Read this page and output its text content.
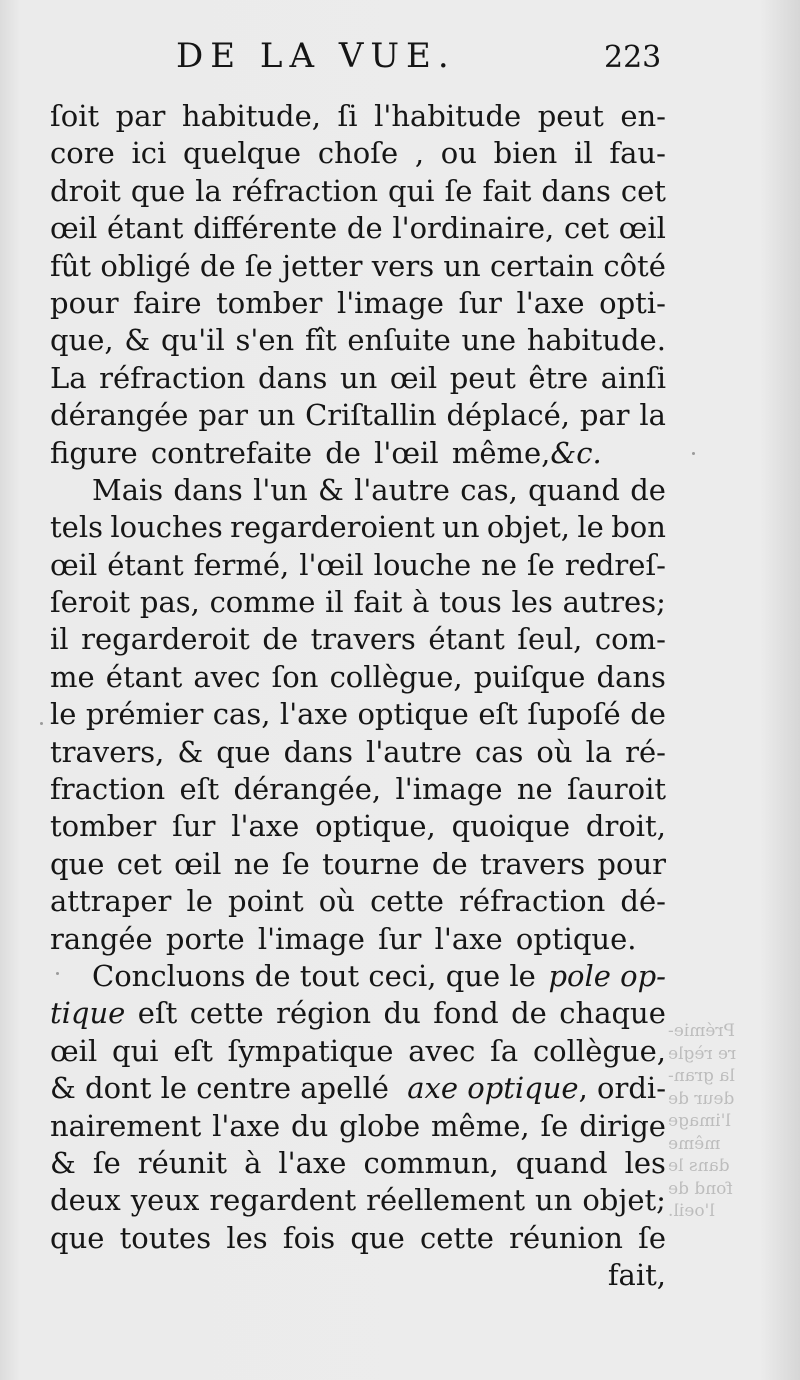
DE LA VUE.	223
ſoit par habitude, ſi l'habitude peut en-
core ici quelque choſe , ou bien il fau-
droit que la réfraction qui ſe fait dans cet
œil étant différente de l'ordinaire, cet œil
fût obligé de ſe jetter vers un certain côté
pour faire tomber l'image ſur l'axe opti-
que, & qu'il s'en fît enſuite une habitude.
La réfraction dans un œil peut être ainſi
dérangée par un Criſtallin déplacé, par la
figure contrefaite de l'œil même, &c.
Mais dans l'un & l'autre cas, quand de
tels louches regarderoient un objet, le bon
œil étant fermé, l'œil louche ne ſe redreſ-
ſeroit pas, comme il fait à tous les autres;
il regarderoit de travers étant ſeul, com-
me étant avec ſon collègue, puiſque dans
le prémier cas, l'axe optique eſt ſupoſé de
travers, & que dans l'autre cas où la ré-
fraction eſt dérangée, l'image ne ſauroit
tomber ſur l'axe optique, quoique droit,
que cet œil ne ſe tourne de travers pour
attraper le point où cette réfraction dé-
rangée porte l'image ſur l'axe optique.
Concluons de tout ceci, que le pole op-
tique eſt cette région du fond de chaque
œil qui eſt ſympatique avec ſa collègue,
& dont le centre apellé axe optique, ordi-
nairement l'axe du globe même, ſe dirige
& ſe réunit à l'axe commun, quand les
deux yeux regardent réellement un objet;
que toutes les fois que cette réunion ſe
fait,
Prémie-
re règle
la gran-
deur de
l'image
même
dans le
fond de
l'oeil.
